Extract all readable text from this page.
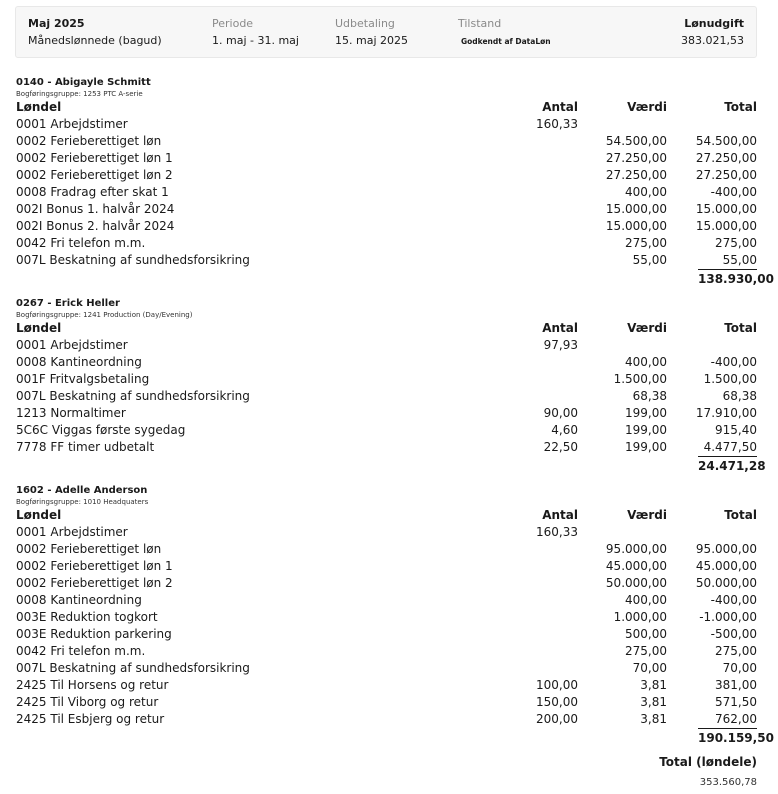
Maj 2025
Månedslønnede (bagud)
Periode
1. maj - 31. maj
Udbetaling
15. maj 2025
Tilstand
Godkendt af DataLøn
Lønudgift
383.021,53
0140 - Abigayle Schmitt
Bogføringsgruppe: 1253 PTC A-serie
Løndel	Antal	Værdi	Total
0001 Arbejdstimer	160,33		
0002 Ferieberettiget løn		54.500,00	54.500,00
0002 Ferieberettiget løn 1		27.250,00	27.250,00
0002 Ferieberettiget løn 2		27.250,00	27.250,00
0008 Fradrag efter skat 1		400,00	-400,00
002I Bonus 1. halvår 2024		15.000,00	15.000,00
002I Bonus 2. halvår 2024		15.000,00	15.000,00
0042 Fri telefon m.m.		275,00	275,00
007L Beskatning af sundhedsforsikring		55,00	55,00
138.930,00
0267 - Erick Heller
Bogføringsgruppe: 1241 Production (Day/Evening)
Løndel	Antal	Værdi	Total
0001 Arbejdstimer	97,93		
0008 Kantineordning		400,00	-400,00
001F Fritvalgsbetaling		1.500,00	1.500,00
007L Beskatning af sundhedsforsikring		68,38	68,38
1213 Normaltimer	90,00	199,00	17.910,00
5C6C Viggas første sygedag	4,60	199,00	915,40
7778 FF timer udbetalt	22,50	199,00	4.477,50
24.471,28
1602 - Adelle Anderson
Bogføringsgruppe: 1010 Headquaters
Løndel	Antal	Værdi	Total
0001 Arbejdstimer	160,33		
0002 Ferieberettiget løn		95.000,00	95.000,00
0002 Ferieberettiget løn 1		45.000,00	45.000,00
0002 Ferieberettiget løn 2		50.000,00	50.000,00
0008 Kantineordning		400,00	-400,00
003E Reduktion togkort		1.000,00	-1.000,00
003E Reduktion parkering		500,00	-500,00
0042 Fri telefon m.m.		275,00	275,00
007L Beskatning af sundhedsforsikring		70,00	70,00
2425 Til Horsens og retur	100,00	3,81	381,00
2425 Til Viborg og retur	150,00	3,81	571,50
2425 Til Esbjerg og retur	200,00	3,81	762,00
190.159,50
Total (løndele)
353.560,78
